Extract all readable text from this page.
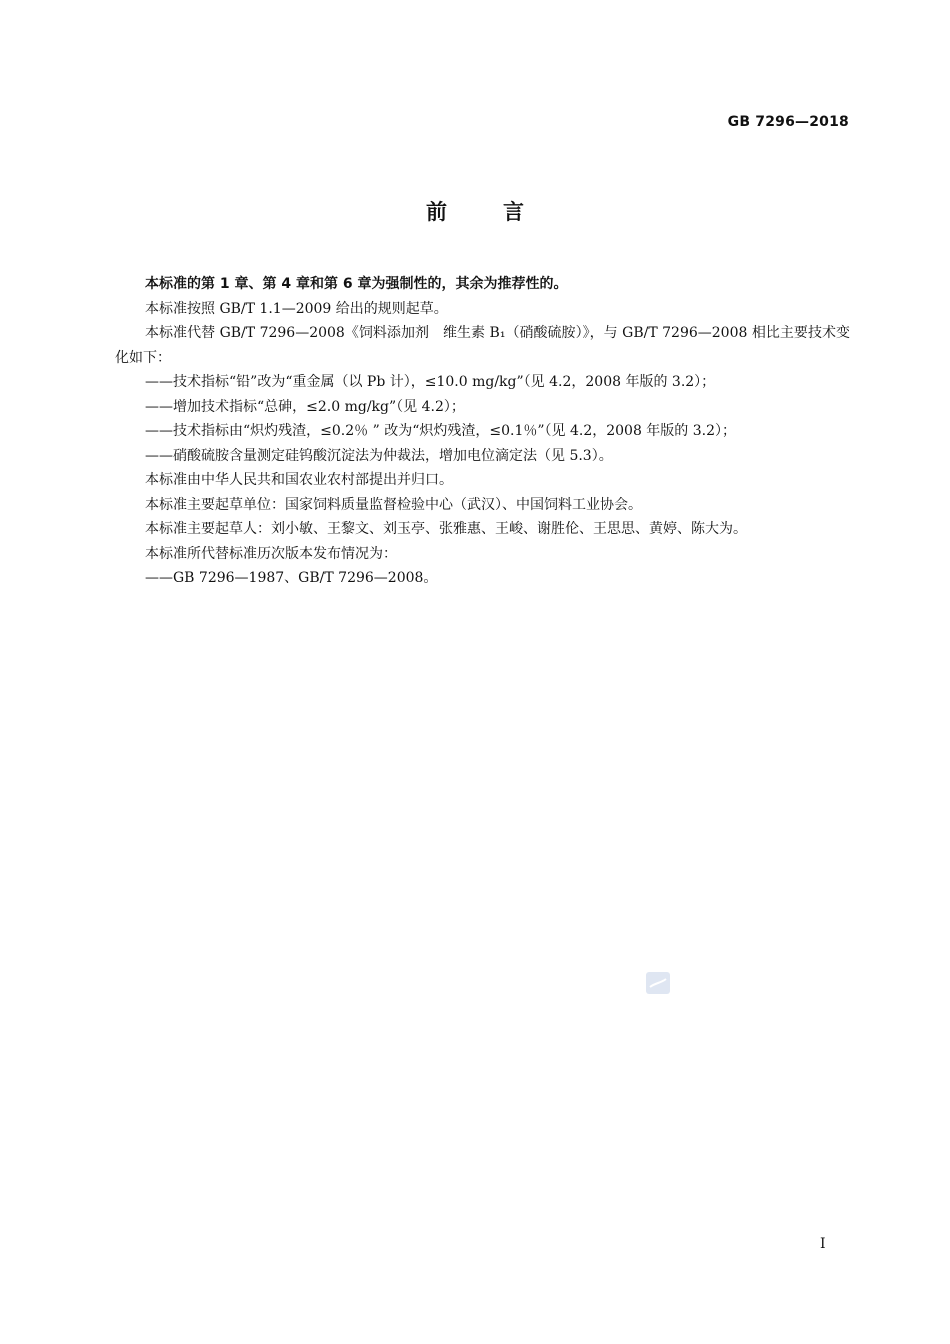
GB 7296—2018
前言

本标准的第 1 章、第 4 章和第 6 章为强制性的，其余为推荐性的。

本标准按照 GB/T 1.1—2009 给出的规则起草。

本标准代替 GB/T 7296—2008《饲料添加剂　维生素 B₁（硝酸硫胺）》，与 GB/T 7296—2008 相比主要技术变化如下：

——技术指标“铅”改为“重金属（以 Pb 计），≤10.0 mg/kg”（见 4.2，2008 年版的 3.2）；

——增加技术指标“总砷，≤2.0 mg/kg”（见 4.2）；

——技术指标由“炽灼残渣，≤0.2％ ” 改为“炽灼残渣，≤0.1％”（见 4.2，2008 年版的 3.2）；

——硝酸硫胺含量测定硅钨酸沉淀法为仲裁法，增加电位滴定法（见 5.3）。

本标准由中华人民共和国农业农村部提出并归口。

本标准主要起草单位：国家饲料质量监督检验中心（武汉）、中国饲料工业协会。

本标准主要起草人：刘小敏、王黎文、刘玉亭、张雅惠、王峻、谢胜伦、王思思、黄婷、陈大为。

本标准所代替标准历次版本发布情况为：

——GB 7296—1987、GB/T 7296—2008。

I
